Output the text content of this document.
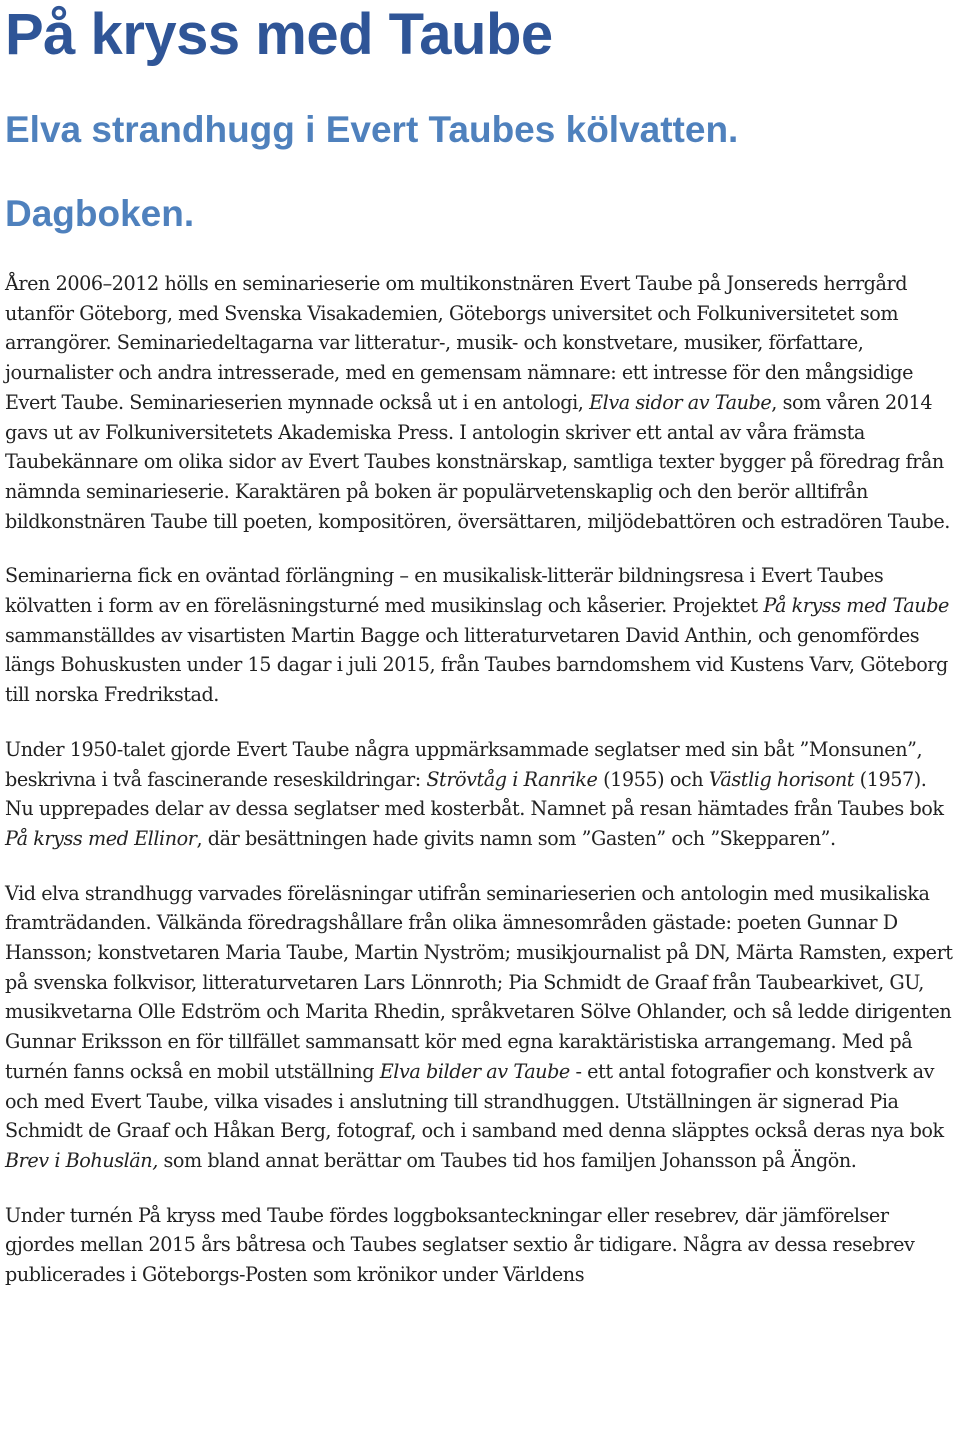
På kryss med Taube
Elva strandhugg i Evert Taubes kölvatten.
Dagboken.

Åren 2006–2012 hölls en seminarieserie om multikonstnären Evert Taube på Jonsereds herrgård utanför Göteborg, med Svenska Visakademien, Göteborgs universitet och Folkuniversitetet som arrangörer. Seminariedeltagarna var litteratur-, musik- och konstvetare, musiker, författare, journalister och andra intresserade, med en gemensam nämnare: ett intresse för den mångsidige Evert Taube. Seminarieserien mynnade också ut i en antologi, Elva sidor av Taube, som våren 2014 gavs ut av Folkuniversitetets Akademiska Press. I antologin skriver ett antal av våra främsta Taubekännare om olika sidor av Evert Taubes konstnärskap, samtliga texter bygger på föredrag från nämnda seminarieserie. Karaktären på boken är populärvetenskaplig och den berör alltifrån bildkonstnären Taube till poeten, kompositören, översättaren, miljödebattören och estradören Taube.

Seminarierna fick en oväntad förlängning – en musikalisk-litterär bildningsresa i Evert Taubes kölvatten i form av en föreläsningsturné med musikinslag och kåserier. Projektet På kryss med Taube sammanställdes av visartisten Martin Bagge och litteraturvetaren David Anthin, och genomfördes längs Bohuskusten under 15 dagar i juli 2015, från Taubes barndomshem vid Kustens Varv, Göteborg till norska Fredrikstad.

Under 1950-talet gjorde Evert Taube några uppmärksammade seglatser med sin båt ”Monsunen”, beskrivna i två fascinerande reseskildringar: Strövtåg i Ranrike (1955) och Västlig horisont (1957). Nu upprepades delar av dessa seglatser med kosterbåt. Namnet på resan hämtades från Taubes bok På kryss med Ellinor, där besättningen hade givits namn som ”Gasten” och ”Skepparen”.

Vid elva strandhugg varvades föreläsningar utifrån seminarieserien och antologin med musikaliska framträdanden. Välkända föredragshållare från olika ämnesområden gästade: poeten Gunnar D Hansson; konstvetaren Maria Taube, Martin Nyström; musikjournalist på DN, Märta Ramsten, expert på svenska folkvisor, litteraturvetaren Lars Lönnroth; Pia Schmidt de Graaf från Taubearkivet, GU, musikvetarna Olle Edström och Marita Rhedin, språkvetaren Sölve Ohlander, och så ledde dirigenten Gunnar Eriksson en för tillfället sammansatt kör med egna karaktäristiska arrangemang. Med på turnén fanns också en mobil utställning Elva bilder av Taube - ett antal fotografier och konstverk av och med Evert Taube, vilka visades i anslutning till strandhuggen. Utställningen är signerad Pia Schmidt de Graaf och Håkan Berg, fotograf, och i samband med denna släpptes också deras nya bok Brev i Bohuslän, som bland annat berättar om Taubes tid hos familjen Johansson på Ängön.

Under turnén På kryss med Taube fördes loggboksanteckningar eller resebrev, där jämförelser gjordes mellan 2015 års båtresa och Taubes seglatser sextio år tidigare. Några av dessa resebrev publicerades i Göteborgs-Posten som krönikor under Världens
